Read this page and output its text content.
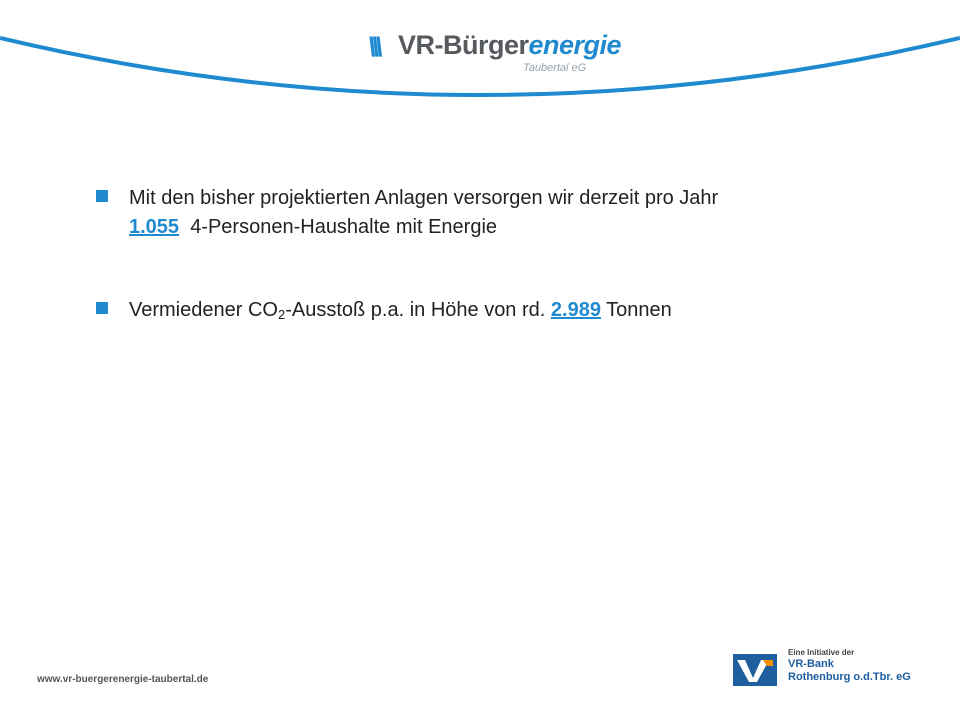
\\\ VR-Bürgerenergie
Taubertal eG
Mit den bisher projektierten Anlagen versorgen wir derzeit pro Jahr
1.055 4-Personen-Haushalte mit Energie
Vermiedener $CO_2$-Ausstoß p.a. in Höhe von rd. 2.989 Tonnen
www.vr-buergerenergie-taubertal.de
Eine Initiative der
VR-Bank
Rothenburg o.d.Tbr. eG
